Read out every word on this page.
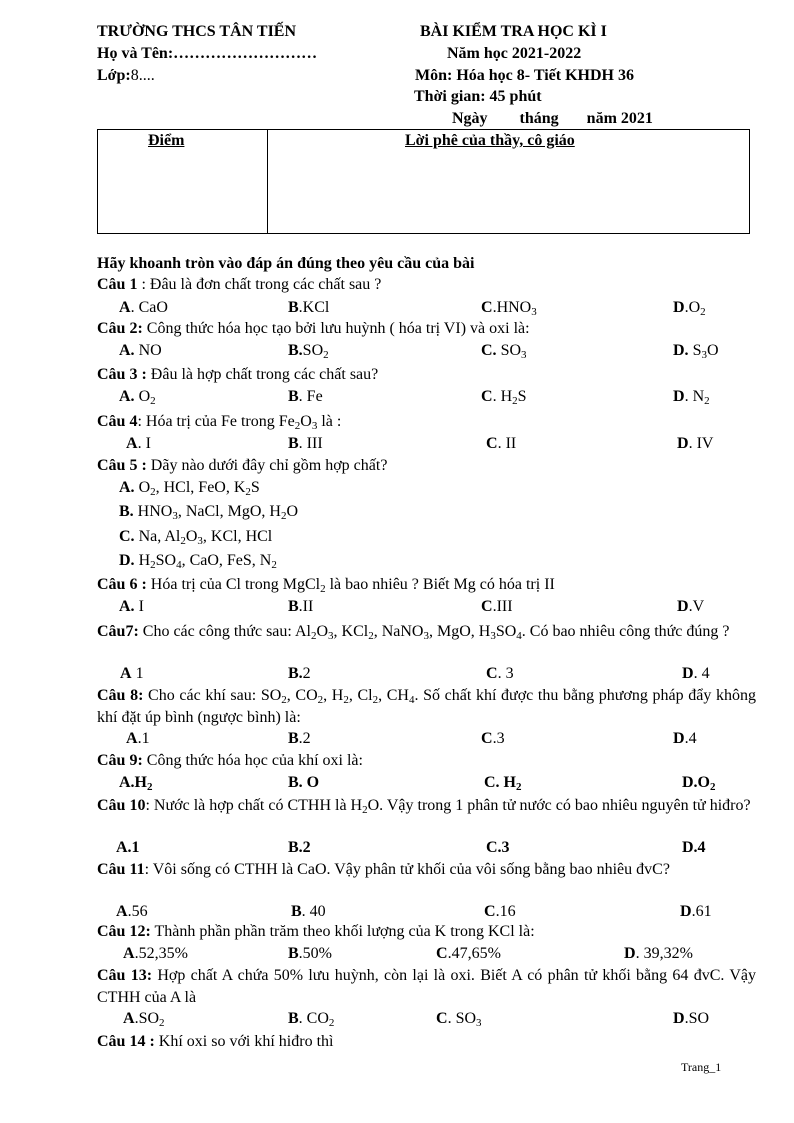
TRƯỜNG THCS TÂN TIẾN	BÀI KIỂM TRA HỌC KÌ I
Họ và Tên:………………………	Năm học 2021-2022
Lớp:8....	Môn: Hóa học 8- Tiết KHDH 36
Thời gian: 45 phút
Ngày        tháng       năm 2021
Điểm	Lời phê của thầy, cô giáo
Hãy khoanh tròn vào đáp án đúng theo yêu cầu của bài
Câu 1 : Đâu là đơn chất trong các chất sau ?
A. CaO	B.KCl	$C.HNO_3$	$D.O_2$
Câu 2: Công thức hóa học tạo bởi lưu huỳnh ( hóa trị VI) và oxi là:
A. NO	$B.SO_2$	C. $SO_3$	D. $S_3O$
Câu 3 : Đâu là hợp chất trong các chất sau?
A. $O_2$	B. Fe	C. $H_2S$	D. $N_2$
Câu 4: Hóa trị của Fe trong $Fe_2O_3$ là :
A. I	B. III	C. II	D. IV
Câu 5 : Dãy nào dưới đây chỉ gồm hợp chất?
A. $O_2$, HCl, FeO, $K_2S$
B. $HNO_3$, NaCl, MgO, $H_2O$
C. Na, $Al_2O_3$, KCl, HCl
D. $H_2SO_4$, CaO, FeS, $N_2$
Câu 6 : Hóa trị của Cl trong MgCl$_2$ là bao nhiêu ? Biết Mg có hóa trị II
A. I	B.II	C.III	D.V
Câu7: Cho các công thức sau: $Al_2O_3$, KCl$_2$, NaNO$_3$, MgO, $H_3SO_4$. Có bao nhiêu công thức đúng ?
A 1	B.2	C. 3	D. 4
Câu 8: Cho các khí sau: $SO_2$, $CO_2$, $H_2$, $Cl_2$, $CH_4$. Số chất khí được thu bằng phương pháp đẩy không khí đặt úp bình (ngược bình) là:
A.1	B.2	C.3	D.4
Câu 9: Công thức hóa học của khí oxi là:
$A.H_2$	B. O	C. $H_2$	$D.O_2$
Câu 10: Nước là hợp chất có CTHH là $H_2O$. Vậy trong 1 phân tử nước có bao nhiêu nguyên tử hiđro?
A.1	B.2	C.3	D.4
Câu 11: Vôi sống có CTHH là CaO. Vậy phân tử khối của vôi sống bằng bao nhiêu đvC?
A.56	B. 40	C.16	D.61
Câu 12: Thành phần phần trăm theo khối lượng của K trong KCl là:
A.52,35%	B.50%	C.47,65%	D. 39,32%
Câu 13: Hợp chất A chứa 50% lưu huỳnh, còn lại là oxi. Biết A có phân tử khối bằng 64 đvC. Vậy CTHH của A là
$A.SO_2$	B. $CO_2$	C. $SO_3$	D.SO
Câu 14 : Khí oxi so với khí hiđro thì
Trang_1
